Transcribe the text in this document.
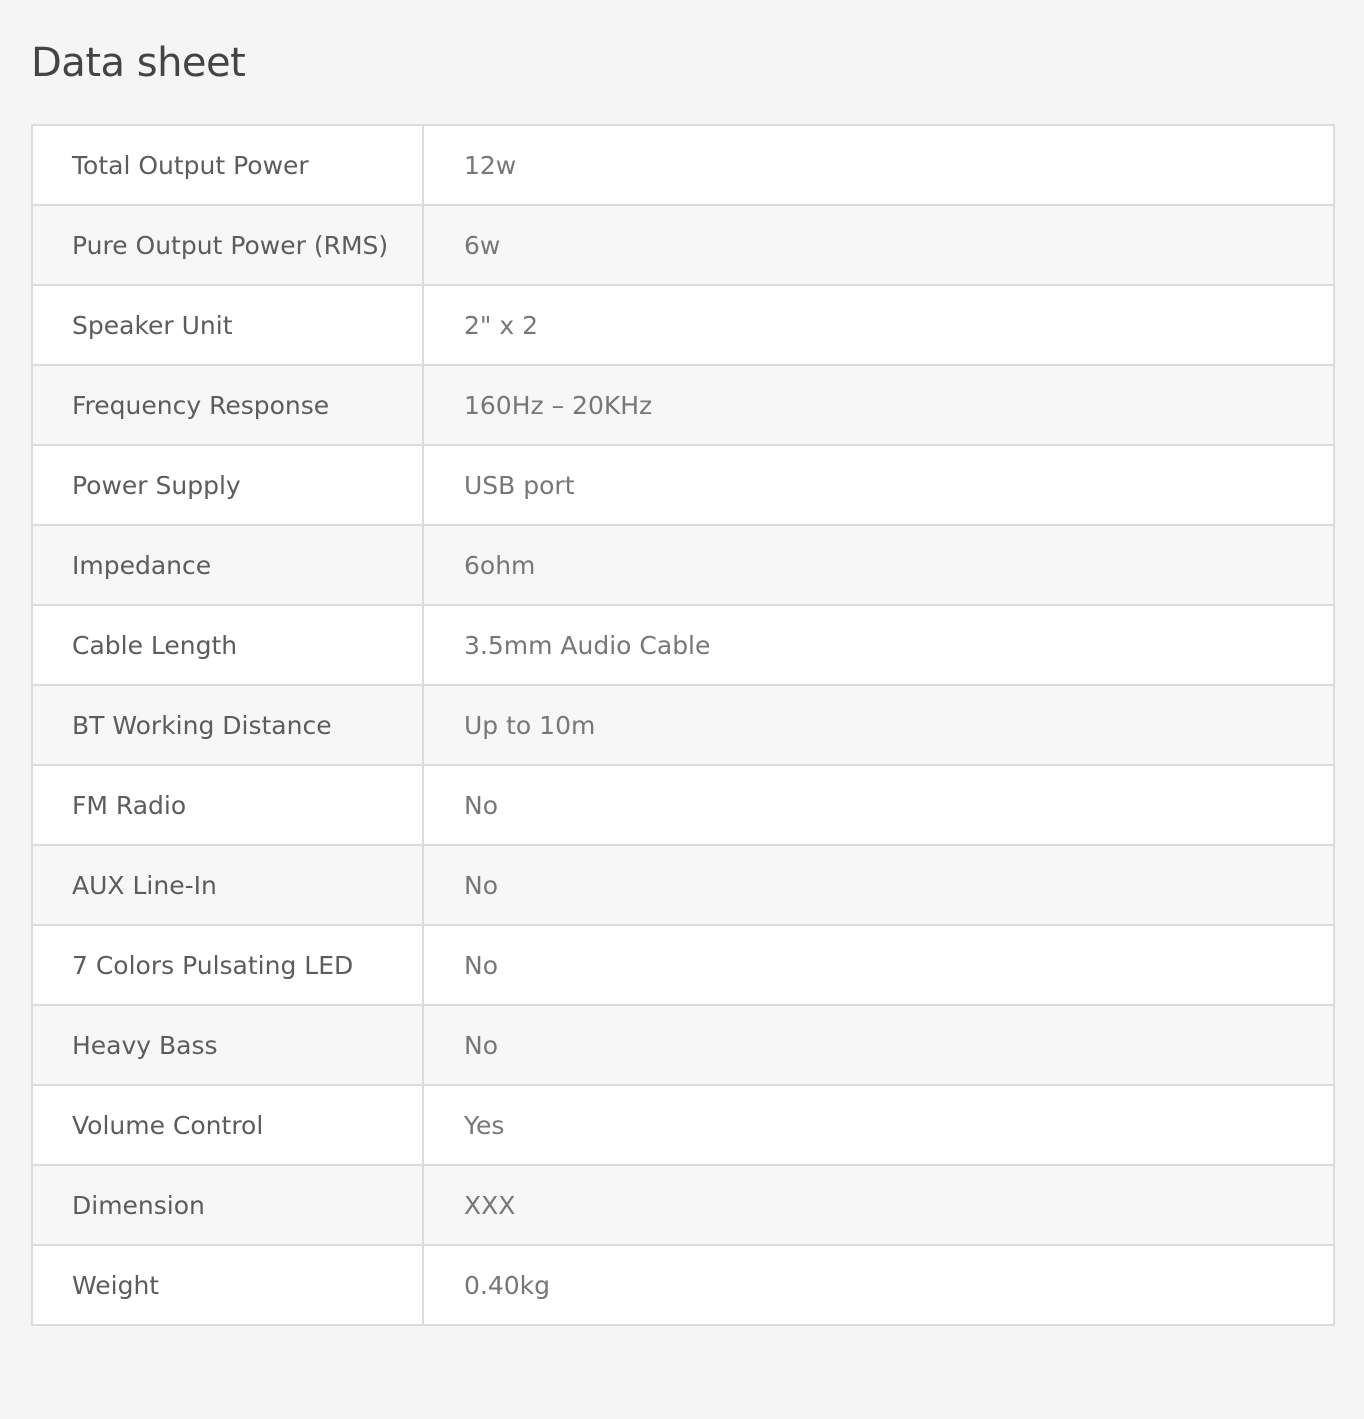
Data sheet
Total Output Power	12w
Pure Output Power (RMS)	6w
Speaker Unit	2" x 2
Frequency Response	160Hz – 20KHz
Power Supply	USB port
Impedance	6ohm
Cable Length	3.5mm Audio Cable
BT Working Distance	Up to 10m
FM Radio	No
AUX Line-In	No
7 Colors Pulsating LED	No
Heavy Bass	No
Volume Control	Yes
Dimension	XXX
Weight	0.40kg
